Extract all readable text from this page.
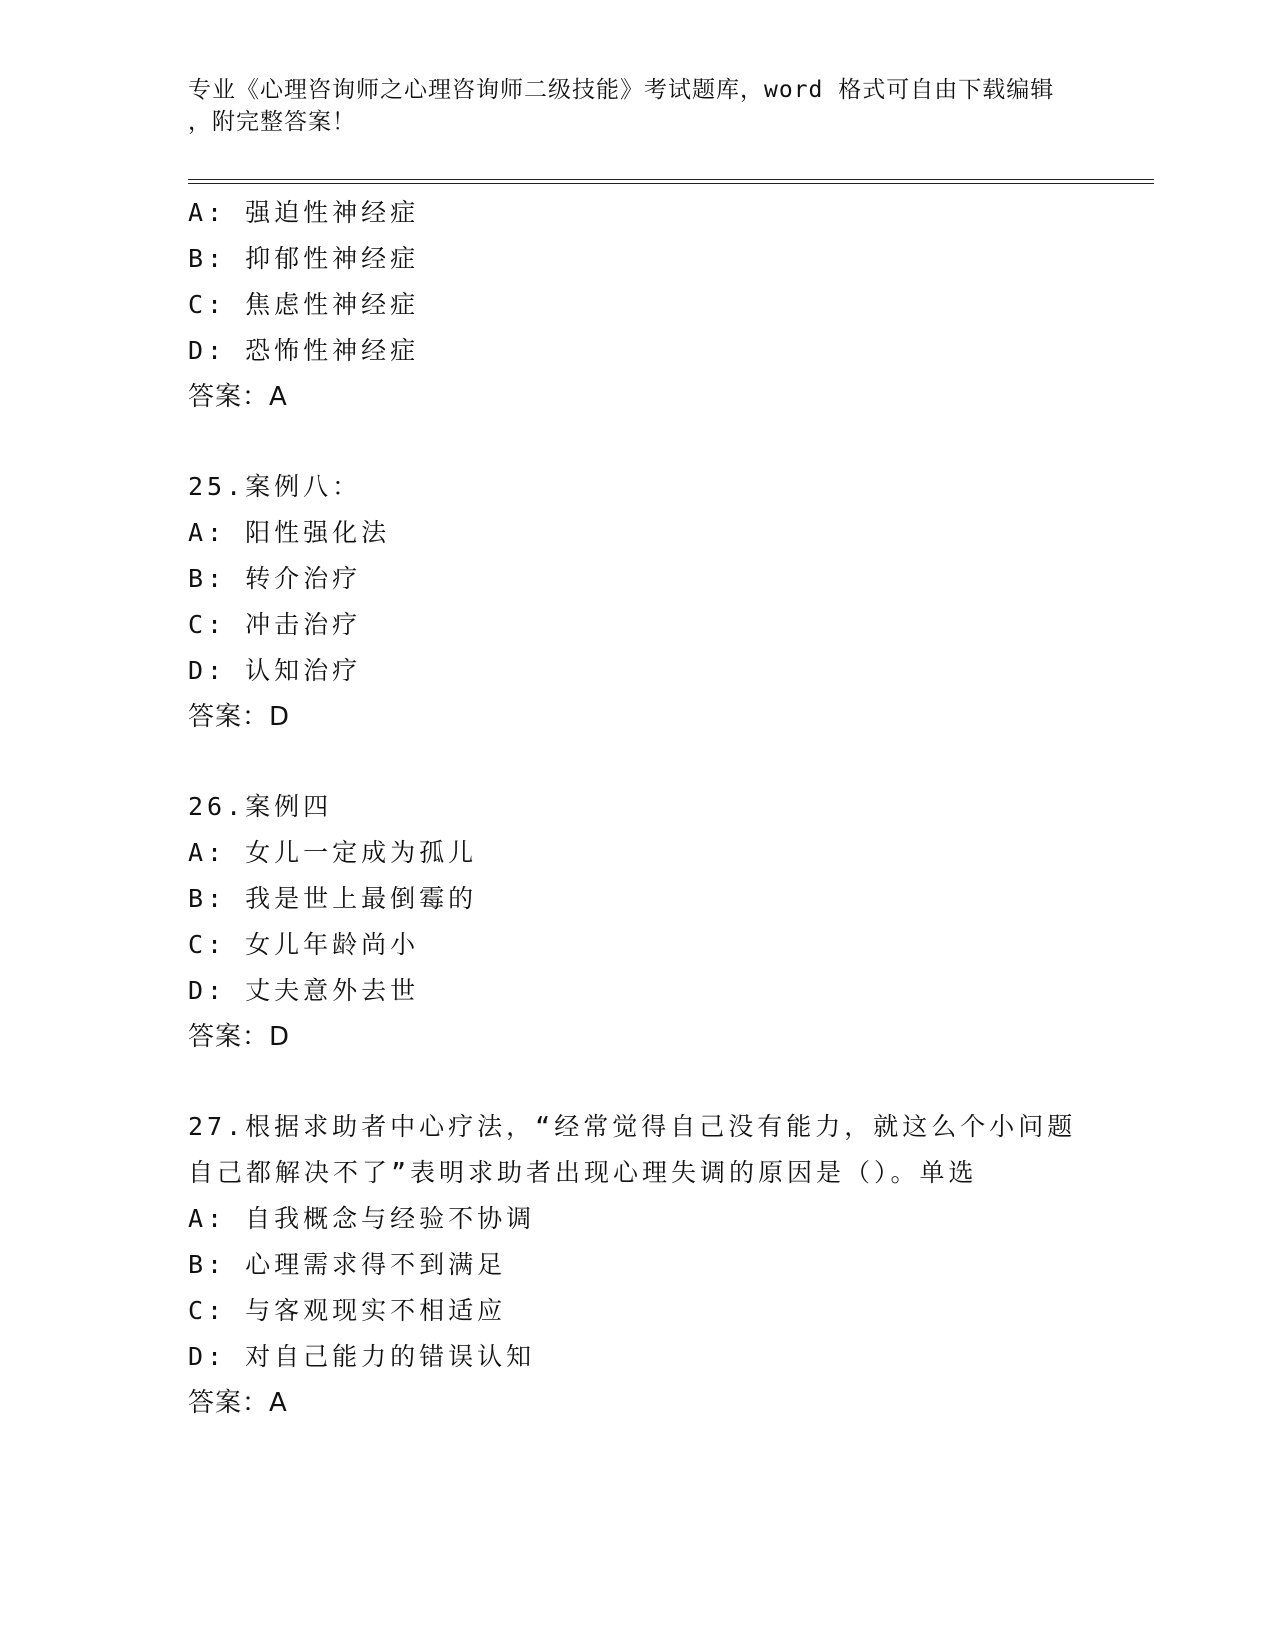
专业《心理咨询师之心理咨询师二级技能》考试题库，word 格式可自由下载编辑
，附完整答案！
A: 强迫性神经症
B: 抑郁性神经症
C: 焦虑性神经症
D: 恐怖性神经症
答案：A
25.案例八：
A: 阳性强化法
B: 转介治疗
C: 冲击治疗
D: 认知治疗
答案：D
26.案例四
A: 女儿一定成为孤儿
B: 我是世上最倒霉的
C: 女儿年龄尚小
D: 丈夫意外去世
答案：D
27.根据求助者中心疗法，“经常觉得自己没有能力，就这么个小问题
自己都解决不了”表明求助者出现心理失调的原因是（）。单选
A: 自我概念与经验不协调
B: 心理需求得不到满足
C: 与客观现实不相适应
D: 对自己能力的错误认知
答案：A
